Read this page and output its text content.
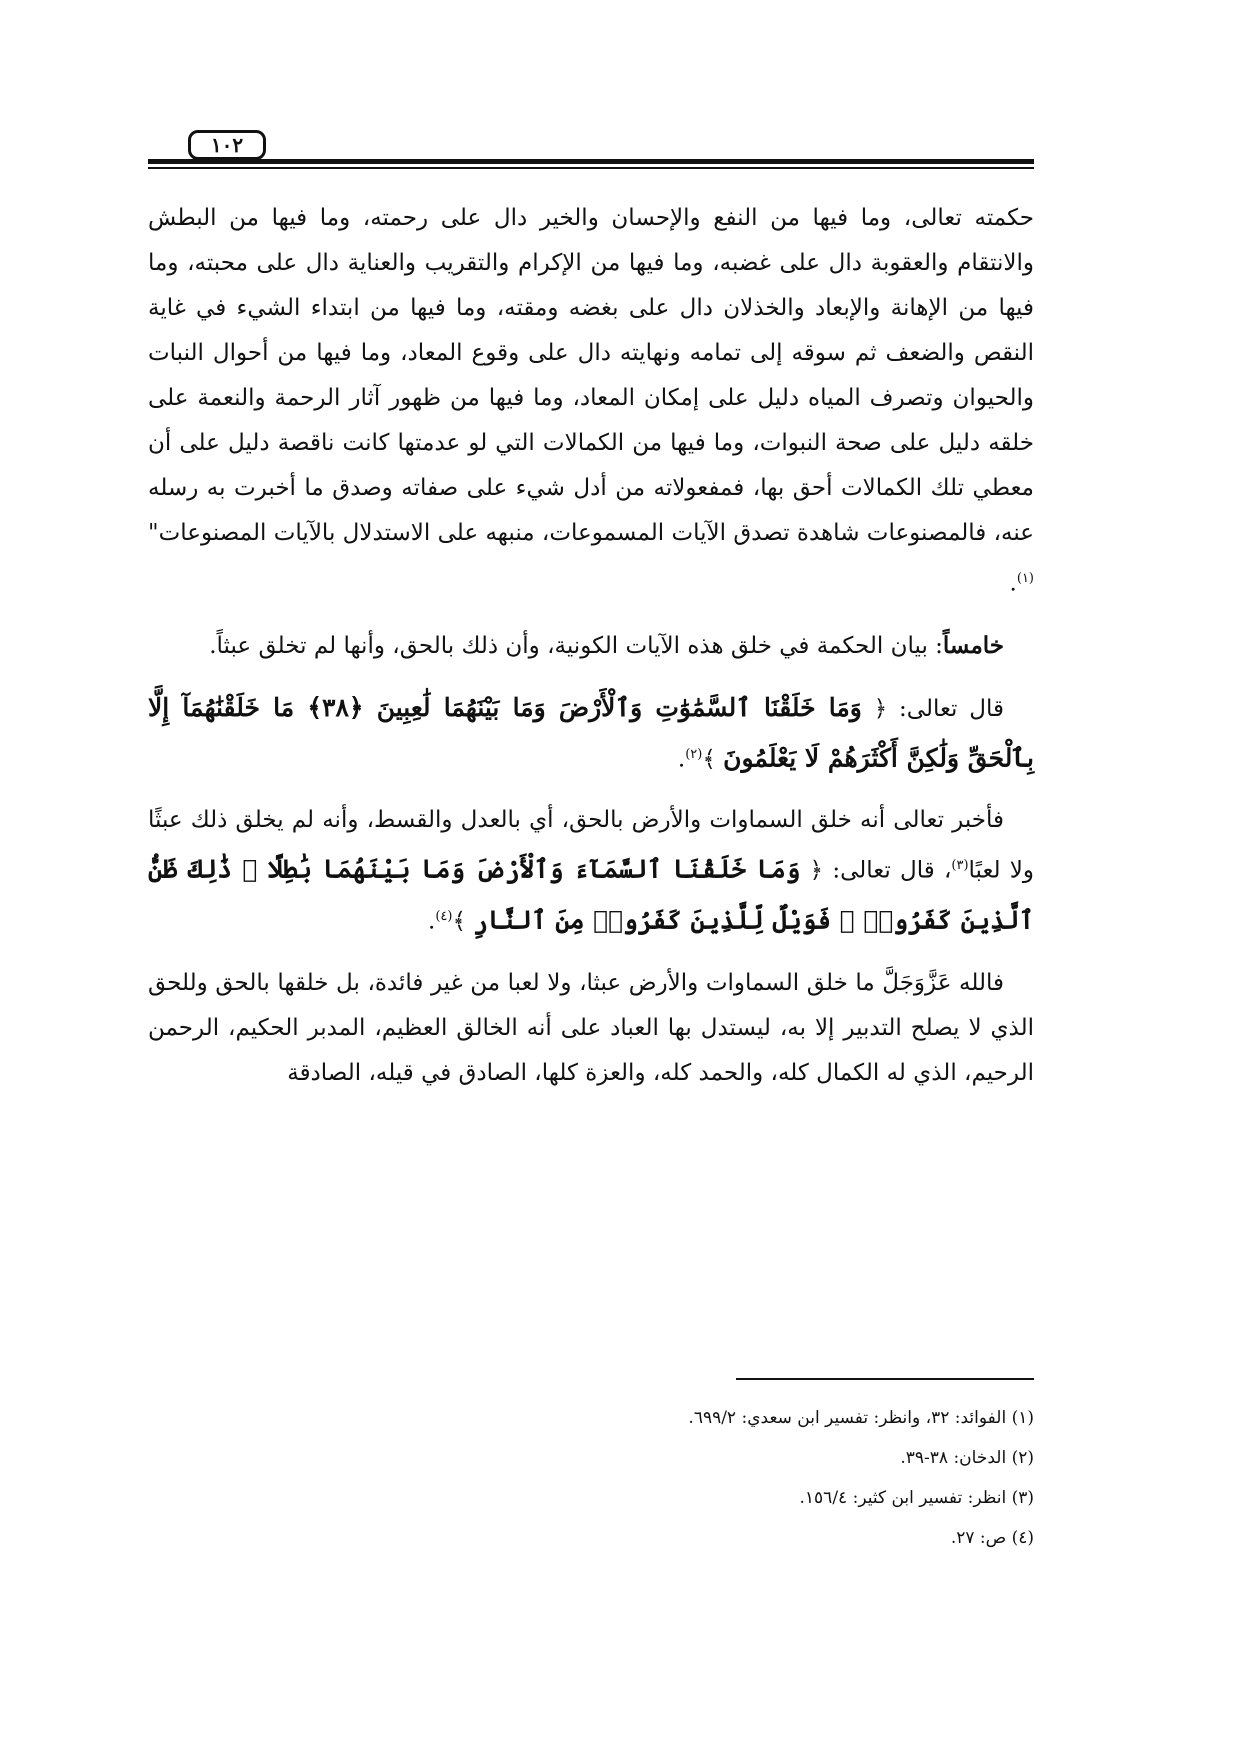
١٠٢

حكمته تعالى، وما فيها من النفع والإحسان والخير دال على رحمته، وما فيها من البطش والانتقام والعقوبة دال على غضبه، وما فيها من الإكرام والتقريب والعناية دال على محبته، وما فيها من الإهانة والإبعاد والخذلان دال على بغضه ومقته، وما فيها من ابتداء الشيء في غاية النقص والضعف ثم سوقه إلى تمامه ونهايته دال على وقوع المعاد، وما فيها من أحوال النبات والحيوان وتصرف المياه دليل على إمكان المعاد، وما فيها من ظهور آثار الرحمة والنعمة على خلقه دليل على صحة النبوات، وما فيها من الكمالات التي لو عدمتها كانت ناقصة دليل على أن معطي تلك الكمالات أحق بها، فمفعولاته من أدل شيء على صفاته وصدق ما أخبرت به رسله عنه، فالمصنوعات شاهدة تصدق الآيات المسموعات، منبهه على الاستدلال بالآيات المصنوعات"$^{(١)}$.

خامساً: بيان الحكمة في خلق هذه الآيات الكونية، وأن ذلك بالحق، وأنها لم تخلق عبثاً.

قال تعالى: ﴿ وَمَا خَلَقْنَا ٱلسَّمَٰوَٰتِ وَٱلْأَرْضَ وَمَا بَيْنَهُمَا لَٰعِبِينَ ﴿٣٨﴾ مَا خَلَقْنَٰهُمَآ إِلَّا بِٱلْحَقِّ وَلَٰكِنَّ أَكْثَرَهُمْ لَا يَعْلَمُونَ ﴾$^{(٢)}$.

فأخبر تعالى أنه خلق السماوات والأرض بالحق، أي بالعدل والقسط، وأنه لم يخلق ذلك عبثًا ولا لعبًا$^{(٣)}$، قال تعالى: ﴿ وَمَا خَلَقْنَا ٱلسَّمَآءَ وَٱلْأَرْضَ وَمَا بَيْنَهُمَا بَٰطِلًا ۚ ذَٰلِكَ ظَنُّ ٱلَّذِينَ كَفَرُوا۟ ۚ فَوَيْلٌ لِّلَّذِينَ كَفَرُوا۟ مِنَ ٱلنَّارِ ﴾$^{(٤)}$.

فالله عَزَّوَجَلَّ ما خلق السماوات والأرض عبثا، ولا لعبا من غير فائدة، بل خلقها بالحق وللحق الذي لا يصلح التدبير إلا به، ليستدل بها العباد على أنه الخالق العظيم، المدبر الحكيم، الرحمن الرحيم، الذي له الكمال كله، والحمد كله، والعزة كلها، الصادق في قيله، الصادقة

(١) الفوائد: ٣٢، وانظر: تفسير ابن سعدي: ٦٩٩/٢.

(٢) الدخان: ٣٨-٣٩.

(٣) انظر: تفسير ابن كثير: ١٥٦/٤.

(٤) ص: ٢٧.
